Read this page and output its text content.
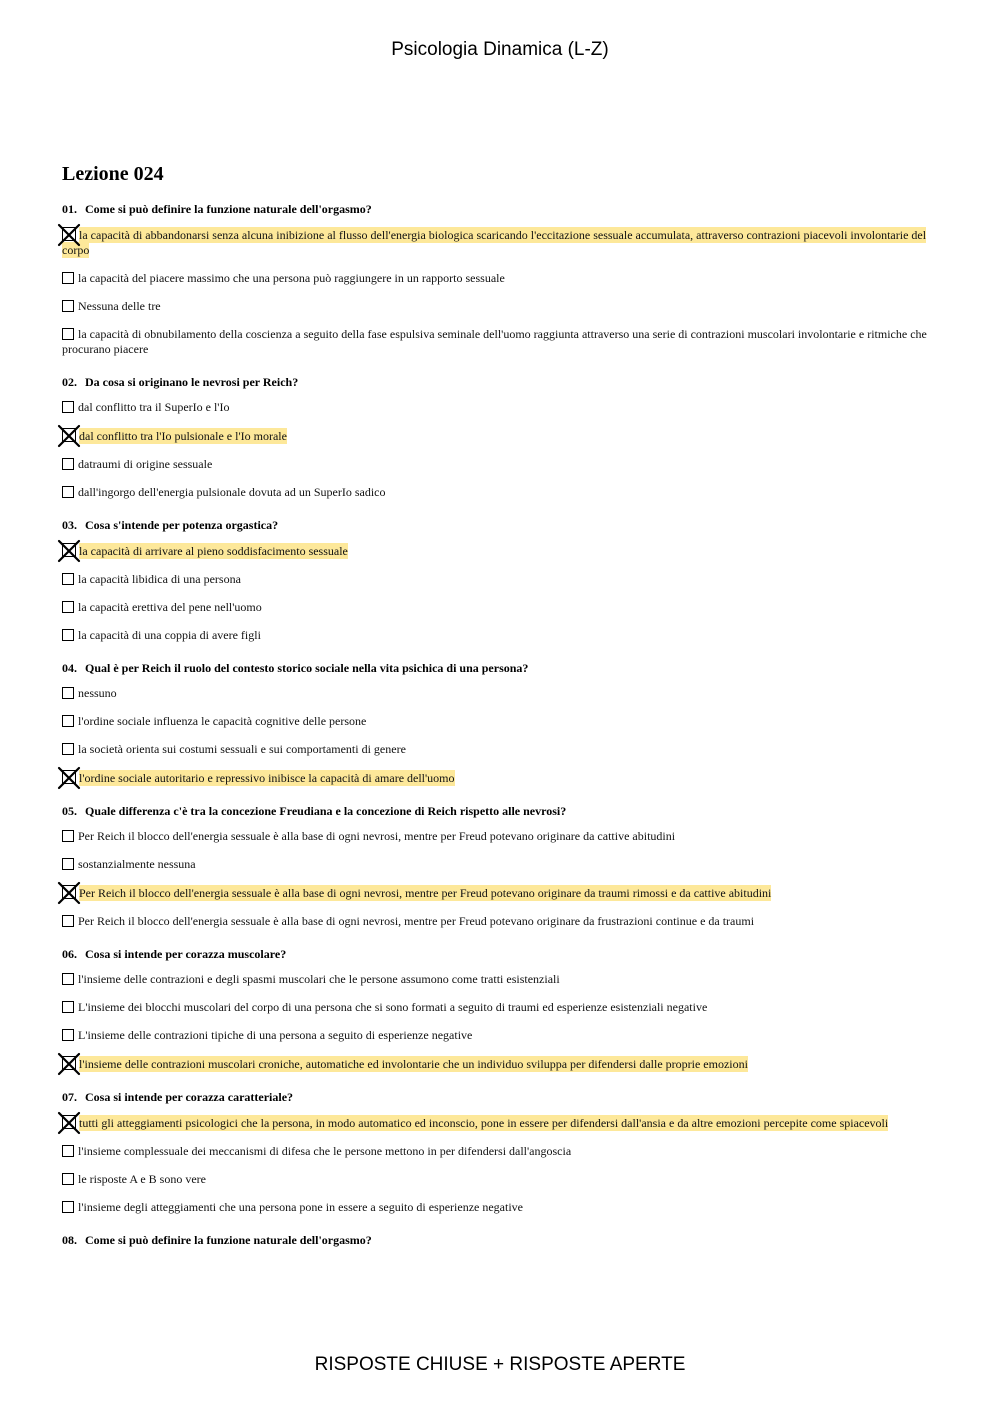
Psicologia Dinamica (L-Z)
Lezione 024
01. Come si può definire la funzione naturale dell'orgasmo?
la capacità di abbandonarsi senza alcuna inibizione al flusso dell'energia biologica scaricando l'eccitazione sessuale accumulata, attraverso contrazioni piacevoli involontarie del corpo
la capacità del piacere massimo che una persona può raggiungere in un rapporto sessuale
Nessuna delle tre
la capacità di obnubilamento della coscienza a seguito della fase espulsiva seminale dell'uomo raggiunta attraverso una serie di contrazioni muscolari involontarie e ritmiche che procurano piacere
02. Da cosa si originano le nevrosi per Reich?
dal conflitto tra il SuperIo e l'Io
dal conflitto tra l'Io pulsionale e l'Io morale
datraumi di origine sessuale
dall'ingorgo dell'energia pulsionale dovuta ad un SuperIo sadico
03. Cosa s'intende per potenza orgastica?
la capacità di arrivare al pieno soddisfacimento sessuale
la capacità libidica di una persona
la capacità erettiva del pene nell'uomo
la capacità di una coppia di avere figli
04. Qual è per Reich il ruolo del contesto storico sociale nella vita psichica di una persona?
nessuno
l'ordine sociale influenza le capacità cognitive delle persone
la società orienta sui costumi sessuali e sui comportamenti di genere
l'ordine sociale autoritario e repressivo inibisce la capacità di amare dell'uomo
05. Quale differenza c'è tra la concezione Freudiana e la concezione di Reich rispetto alle nevrosi?
Per Reich il blocco dell'energia sessuale è alla base di ogni nevrosi, mentre per Freud potevano originare da cattive abitudini
sostanzialmente nessuna
Per Reich il blocco dell'energia sessuale è alla base di ogni nevrosi, mentre per Freud potevano originare da traumi rimossi e da cattive abitudini
Per Reich il blocco dell'energia sessuale è alla base di ogni nevrosi, mentre per Freud potevano originare da frustrazioni continue e da traumi
06. Cosa si intende per corazza muscolare?
l'insieme delle contrazioni e degli spasmi muscolari che le persone assumono come tratti esistenziali
L'insieme dei blocchi muscolari del corpo di una persona che si sono formati a seguito di traumi ed esperienze esistenziali negative
L'insieme delle contrazioni tipiche di una persona a seguito di esperienze negative
l'insieme delle contrazioni muscolari croniche, automatiche ed involontarie che un individuo sviluppa per difendersi dalle proprie emozioni
07. Cosa si intende per corazza caratteriale?
tutti gli atteggiamenti psicologici che la persona, in modo automatico ed inconscio, pone in essere per difendersi dall'ansia e da altre emozioni percepite come spiacevoli
l'insieme complessuale dei meccanismi di difesa che le persone mettono in per difendersi dall'angoscia
le risposte A e B sono vere
l'insieme degli atteggiamenti che una persona pone in essere a seguito di esperienze negative
08. Come si può definire la funzione naturale dell'orgasmo?
RISPOSTE CHIUSE + RISPOSTE APERTE
